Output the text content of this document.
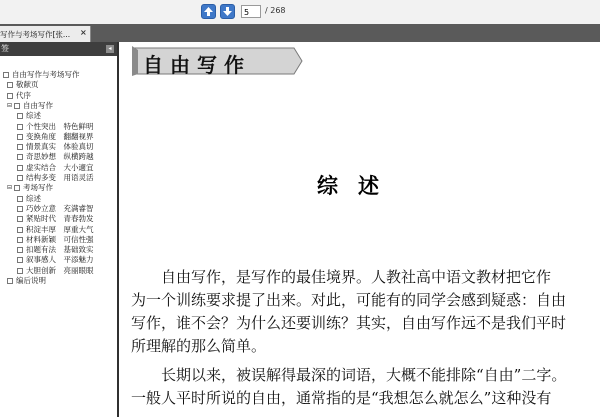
5	/ 268
写作与考场写作[张... ×
签	◂
自由写作与考场写作
敬献页
代序
⊟ 自由写作
综述
个性突出　特色鲜明
变换角度　翻翻视界
情景真实　体验真切
奇思妙想　纵横跨越
虚实结合　大小適宜
结构多变　用语灵活
⊟ 考场写作
综述
巧妙立意　充满睿智
紧贴时代　青春勃发
积淀丰厚　厚重大气
材料新颖　可信性强
扣题有法　基础致实
叙事感人　平添魅力
大胆创新　亮丽眼眼
编后说明
自由写作
综述
　　自由写作，是写作的最佳境界。人教社高中语文教材把它作
为一个训练要求提了出来。对此，可能有的同学会感到疑惑：自由
写作，谁不会？为什么还要训练？其实，自由写作远不是我们平时
所理解的那么简单。
　　长期以来，被误解得最深的词语，大概不能排除“自由”二字。
一般人平时所说的自由，通常指的是“我想怎么就怎么”这种没有
